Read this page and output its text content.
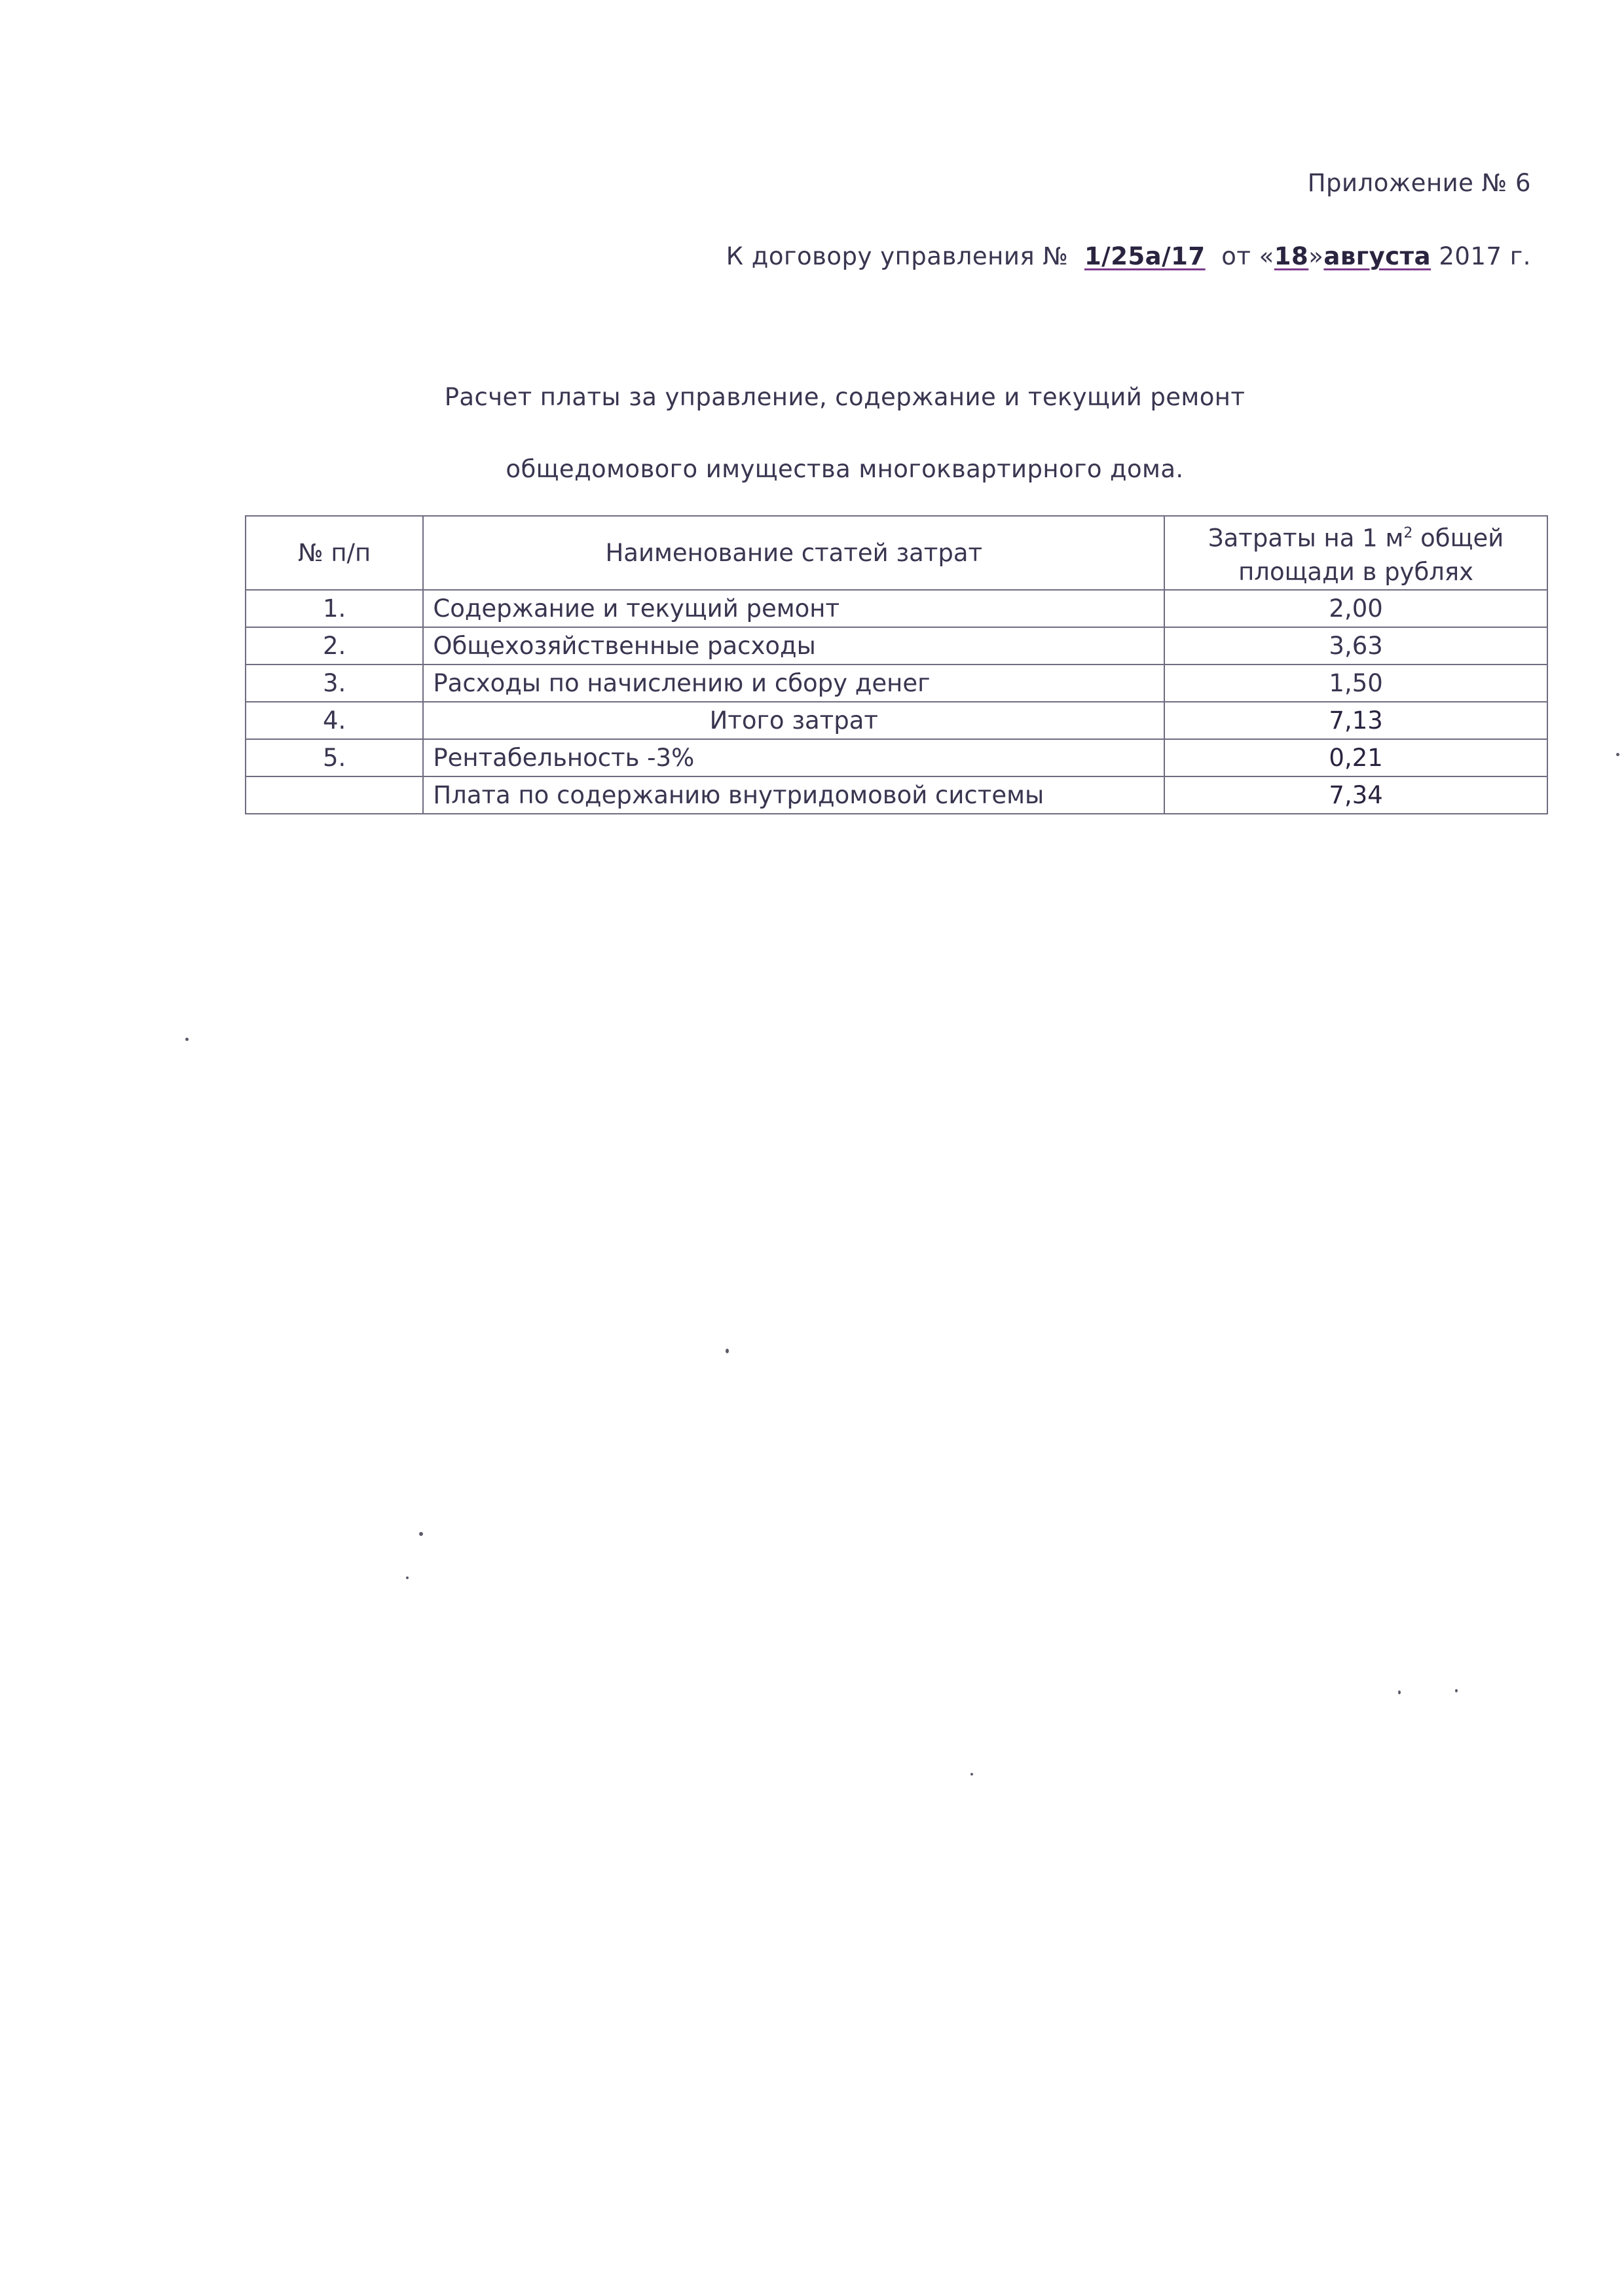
Приложение № 6
К договору управления № 1/25а/17 от «18»августа 2017 г.
Расчет платы за управление, содержание и текущий ремонт
общедомового имущества многоквартирного дома.
№ п/п	Наименование статей затрат	Затраты на 1 $м^2$ общей
площади в рублях
1.	Содержание и текущий ремонт	2,00
2.	Общехозяйственные расходы	3,63
3.	Расходы по начислению и сбору денег	1,50
4.	Итого затрат	7,13
5.	Рентабельность -3%	0,21
	Плата по содержанию внутридомовой системы	7,34
